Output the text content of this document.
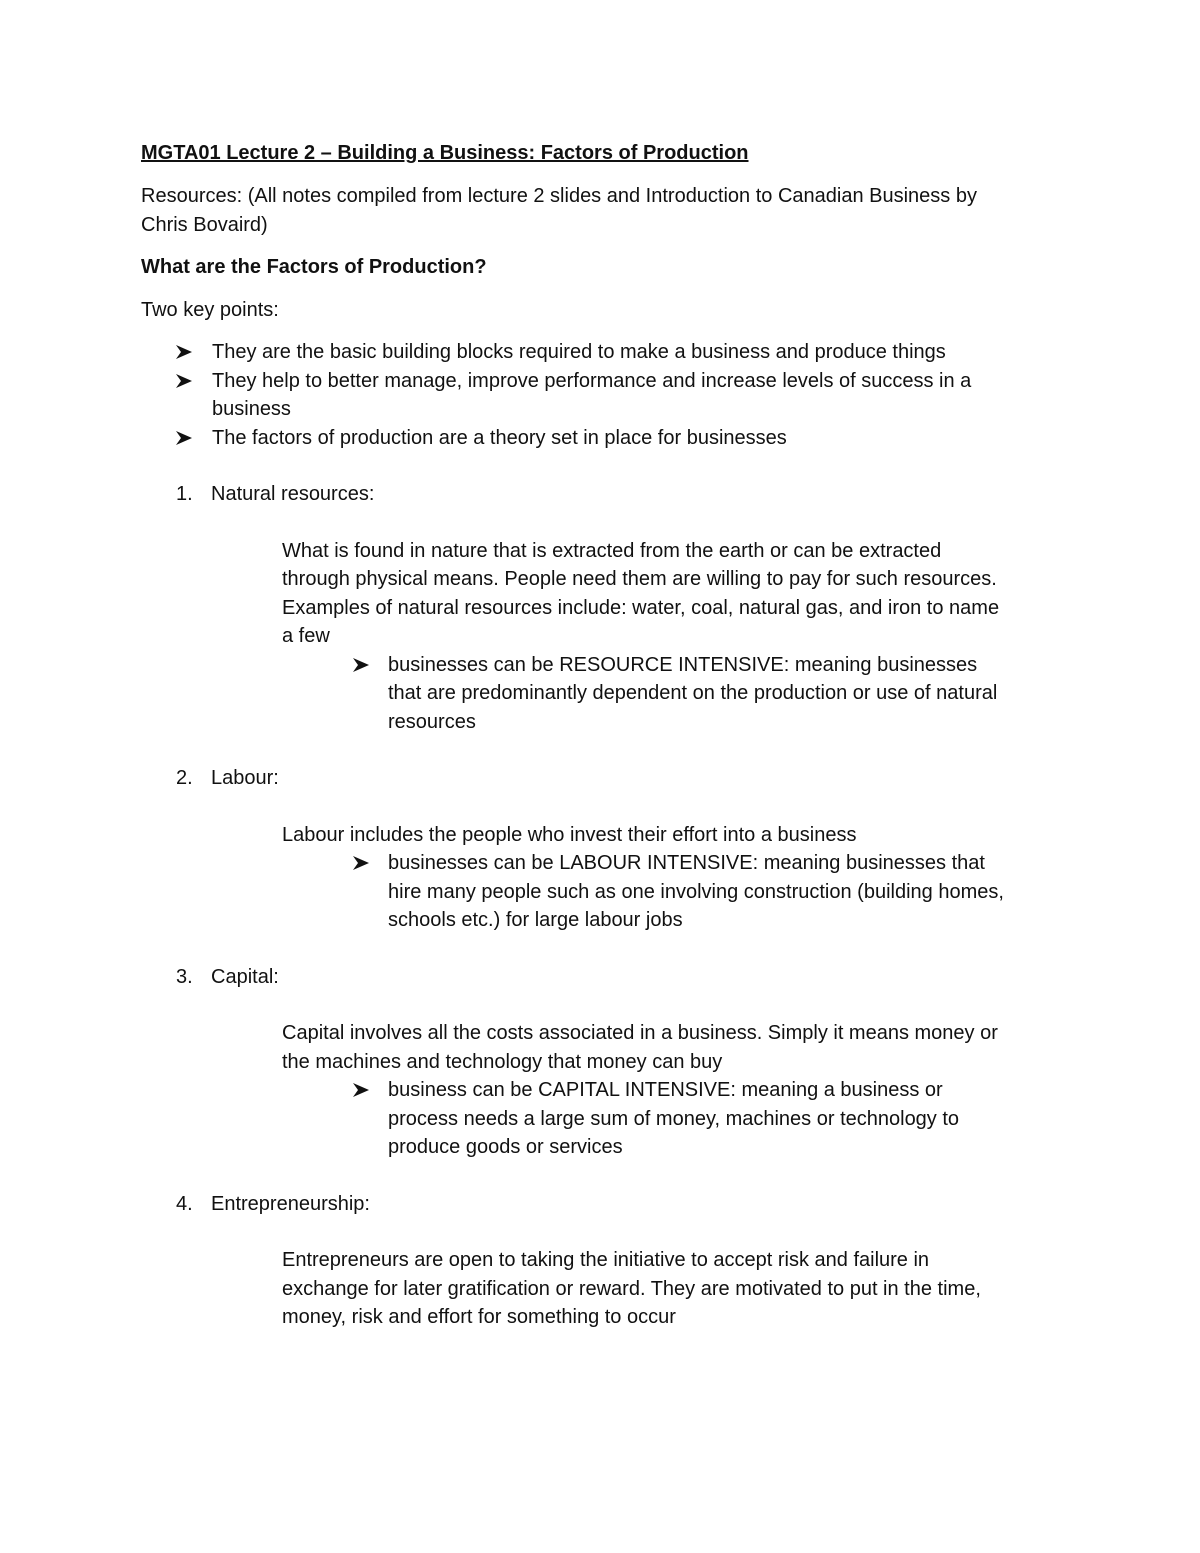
MGTA01 Lecture 2 – Building a Business: Factors of Production
Resources: (All notes compiled from lecture 2 slides and Introduction to Canadian Business by
Chris Bovaird)
What are the Factors of Production?
Two key points:
They are the basic building blocks required to make a business and produce things
They help to better manage, improve performance and increase levels of success in a
business
The factors of production are a theory set in place for businesses
1. Natural resources:
What is found in nature that is extracted from the earth or can be extracted
through physical means. People need them are willing to pay for such resources.
Examples of natural resources include: water, coal, natural gas, and iron to name
a few
businesses can be RESOURCE INTENSIVE: meaning businesses
that are predominantly dependent on the production or use of natural
resources
2. Labour:
Labour includes the people who invest their effort into a business
businesses can be LABOUR INTENSIVE: meaning businesses that
hire many people such as one involving construction (building homes,
schools etc.) for large labour jobs
3. Capital:
Capital involves all the costs associated in a business. Simply it means money or
the machines and technology that money can buy
business can be CAPITAL INTENSIVE: meaning a business or
process needs a large sum of money, machines or technology to
produce goods or services
4. Entrepreneurship:
Entrepreneurs are open to taking the initiative to accept risk and failure in
exchange for later gratification or reward. They are motivated to put in the time,
money, risk and effort for something to occur
